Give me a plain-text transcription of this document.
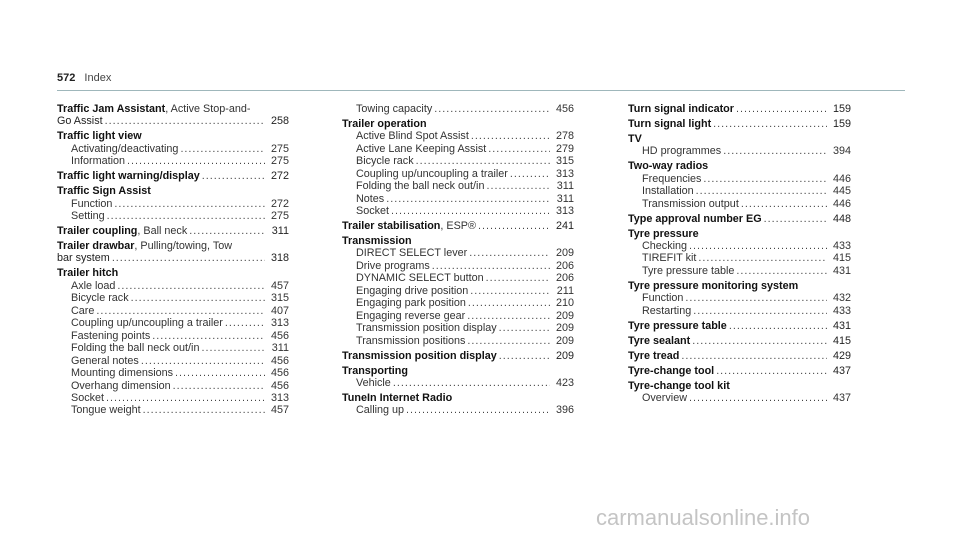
572 Index
Traffic Jam Assistant, Active Stop-and-
Go Assist .....	258
Traffic light view
Activating/deactivating .....	275
Information .....	275
Traffic light warning/display .....	272
Traffic Sign Assist
Function .....	272
Setting .....	275
Trailer coupling, Ball neck .....	311
Trailer drawbar, Pulling/towing, Tow
bar system .....	318
Trailer hitch
Axle load .....	457
Bicycle rack .....	315
Care .....	407
Coupling up/uncoupling a trailer .....	313
Fastening points .....	456
Folding the ball neck out/in .....	311
General notes .....	456
Mounting dimensions .....	456
Overhang dimension .....	456
Socket .....	313
Tongue weight .....	457
Towing capacity .....	456
Trailer operation
Active Blind Spot Assist .....	278
Active Lane Keeping Assist .....	279
Bicycle rack .....	315
Coupling up/uncoupling a trailer .....	313
Folding the ball neck out/in .....	311
Notes .....	311
Socket .....	313
Trailer stabilisation, ESP® .....	241
Transmission
DIRECT SELECT lever .....	209
Drive programs .....	206
DYNAMIC SELECT button .....	206
Engaging drive position .....	211
Engaging park position .....	210
Engaging reverse gear .....	209
Transmission position display .....	209
Transmission positions .....	209
Transmission position display .....	209
Transporting
Vehicle .....	423
TuneIn Internet Radio
Calling up .....	396
Turn signal indicator .....	159
Turn signal light .....	159
TV
HD programmes .....	394
Two-way radios
Frequencies .....	446
Installation .....	445
Transmission output .....	446
Type approval number EG .....	448
Tyre pressure
Checking .....	433
TIREFIT kit .....	415
Tyre pressure table .....	431
Tyre pressure monitoring system
Function .....	432
Restarting .....	433
Tyre pressure table .....	431
Tyre sealant .....	415
Tyre tread .....	429
Tyre-change tool .....	437
Tyre-change tool kit
Overview .....	437
carmanualsonline.info
